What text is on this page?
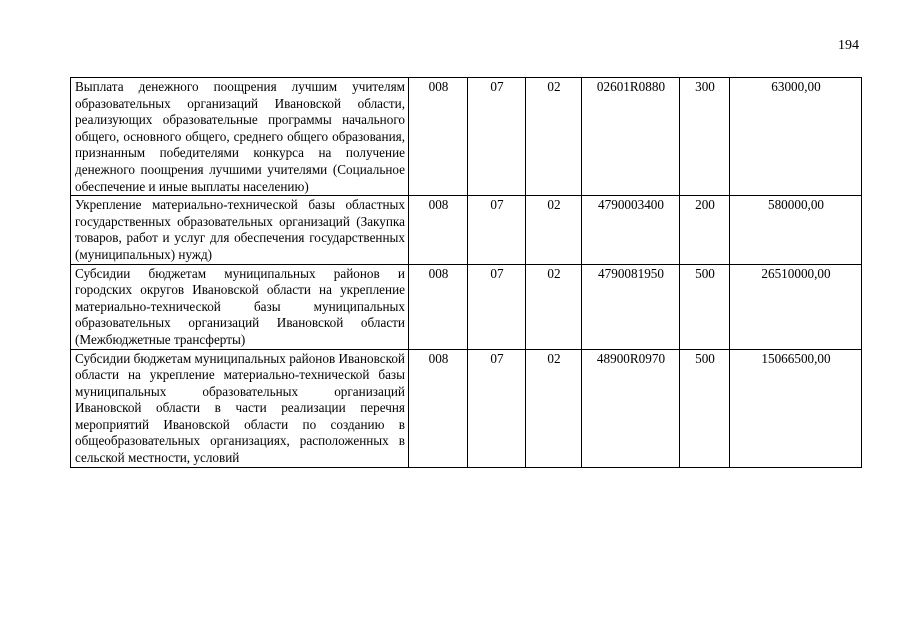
194
Выплата денежного поощрения лучшим учителям образовательных организаций Ивановской области, реализующих образовательные программы начального общего, основного общего, среднего общего образования, признанным победителями конкурса на получение денежного поощрения лучшими учителями (Социальное обеспечение и иные выплаты населению)	008	07	02	02601R0880	300	63000,00
Укрепление материально-технической базы областных государственных образовательных организаций (Закупка товаров, работ и услуг для обеспечения государственных (муниципальных) нужд)	008	07	02	4790003400	200	580000,00
Субсидии бюджетам муниципальных районов и городских округов Ивановской области на укрепление материально-технической базы муниципальных образовательных организаций Ивановской области (Межбюджетные трансферты)	008	07	02	4790081950	500	26510000,00
Субсидии бюджетам муниципальных районов Ивановской области на укрепление материально-технической базы муниципальных образовательных организаций Ивановской области в части реализации перечня мероприятий Ивановской области по созданию в общеобразовательных организациях, расположенных в сельской местности, условий	008	07	02	48900R0970	500	15066500,00
